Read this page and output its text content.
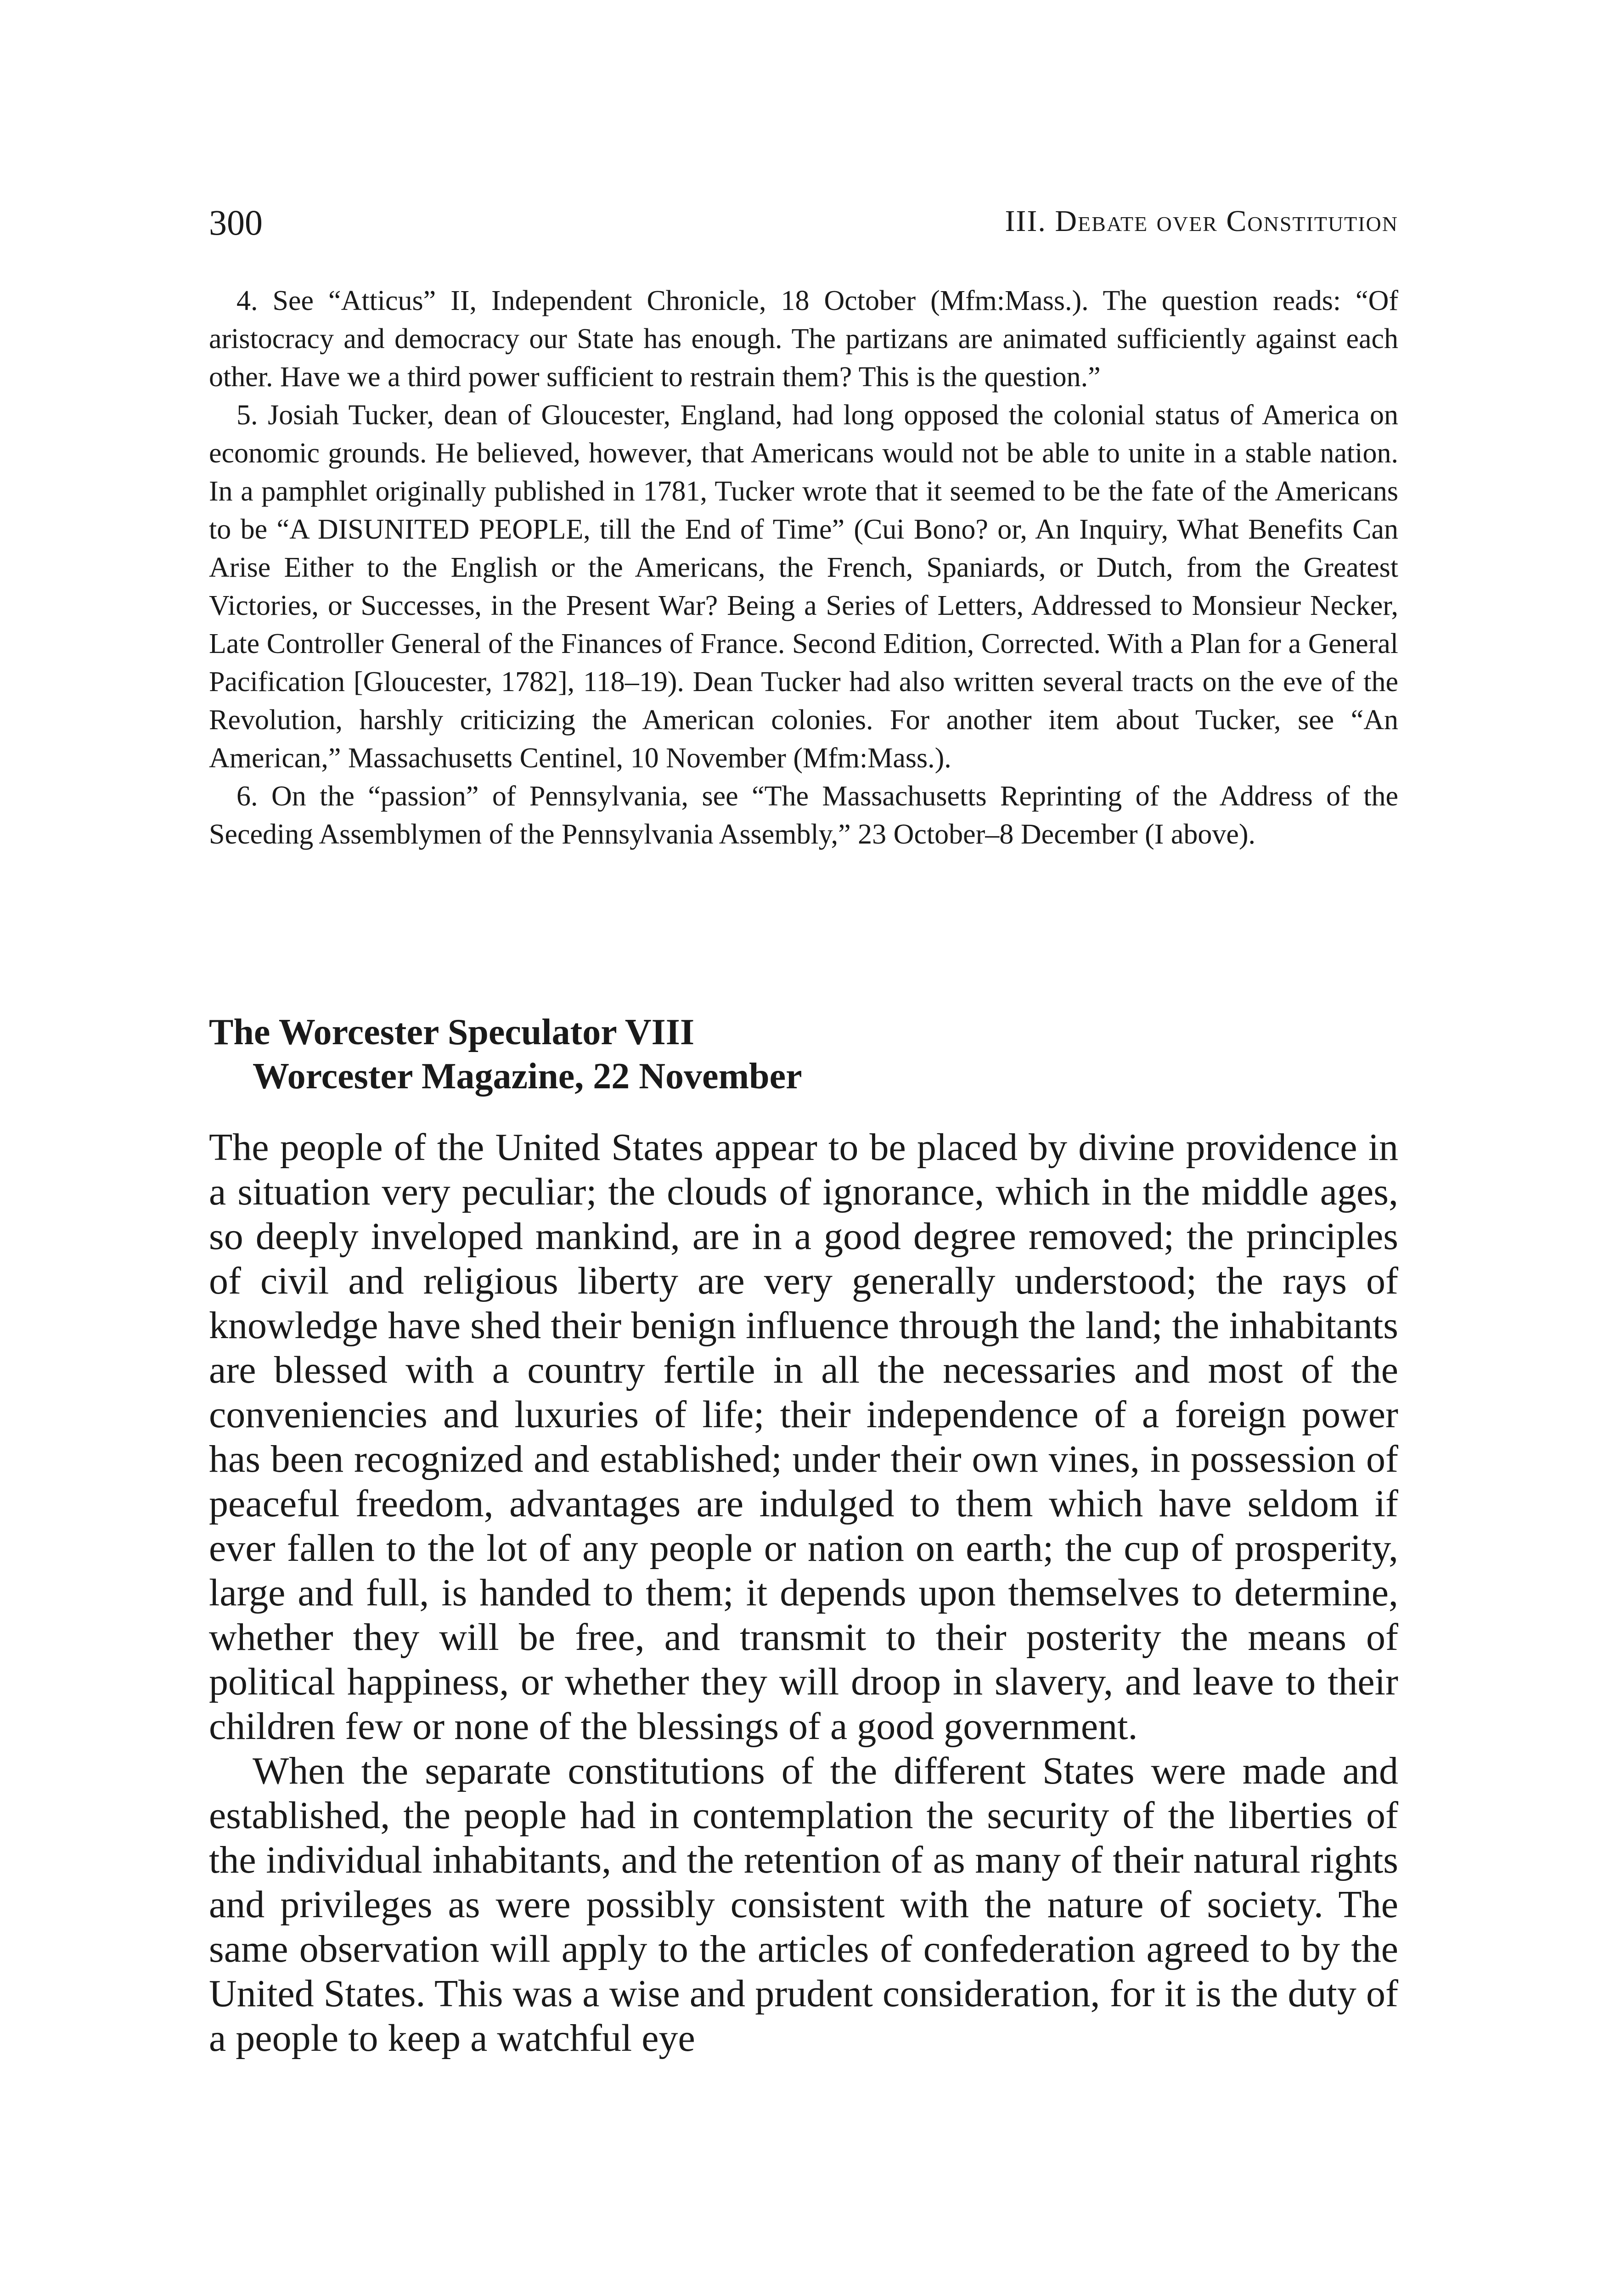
300	III. Debate over Constitution

4. See “Atticus” II, Independent Chronicle, 18 October (Mfm:Mass.). The question reads: “Of aristocracy and democracy our State has enough. The partizans are animated sufficiently against each other. Have we a third power sufficient to restrain them? This is the question.”

5. Josiah Tucker, dean of Gloucester, England, had long opposed the colonial status of America on economic grounds. He believed, however, that Americans would not be able to unite in a stable nation. In a pamphlet originally published in 1781, Tucker wrote that it seemed to be the fate of the Americans to be “A DISUNITED PEOPLE, till the End of Time” (Cui Bono? or, An Inquiry, What Benefits Can Arise Either to the English or the Americans, the French, Spaniards, or Dutch, from the Greatest Victories, or Successes, in the Present War? Being a Series of Letters, Addressed to Monsieur Necker, Late Controller General of the Finances of France. Second Edition, Corrected. With a Plan for a General Pacification [Gloucester, 1782], 118–19). Dean Tucker had also written several tracts on the eve of the Revolution, harshly criticizing the American colonies. For another item about Tucker, see “An American,” Massachusetts Centinel, 10 November (Mfm:Mass.).

6. On the “passion” of Pennsylvania, see “The Massachusetts Reprinting of the Address of the Seceding Assemblymen of the Pennsylvania Assembly,” 23 October–8 December (I above).

The Worcester Speculator VIII

Worcester Magazine, 22 November

The people of the United States appear to be placed by divine providence in a situation very peculiar; the clouds of ignorance, which in the middle ages, so deeply inveloped mankind, are in a good degree removed; the principles of civil and religious liberty are very generally understood; the rays of knowledge have shed their benign influence through the land; the inhabitants are blessed with a country fertile in all the necessaries and most of the conveniencies and luxuries of life; their independence of a foreign power has been recognized and established; under their own vines, in possession of peaceful freedom, advantages are indulged to them which have seldom if ever fallen to the lot of any people or nation on earth; the cup of prosperity, large and full, is handed to them; it depends upon themselves to determine, whether they will be free, and transmit to their posterity the means of political happiness, or whether they will droop in slavery, and leave to their children few or none of the blessings of a good government.

When the separate constitutions of the different States were made and established, the people had in contemplation the security of the liberties of the individual inhabitants, and the retention of as many of their natural rights and privileges as were possibly consistent with the nature of society. The same observation will apply to the articles of confederation agreed to by the United States. This was a wise and prudent consideration, for it is the duty of a people to keep a watchful eye
